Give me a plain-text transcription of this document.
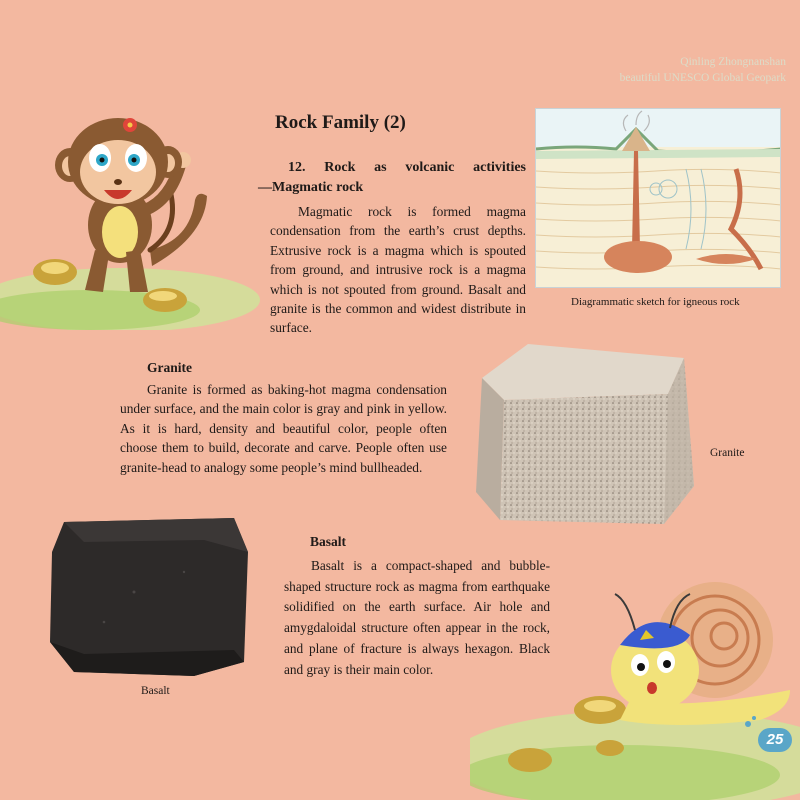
Qinling Zhongnanshan
beautiful UNESCO Global Geopark
Rock Family (2)
12. Rock as volcanic activities
—Magmatic rock
Magmatic rock is formed magma condensation from the earth’s crust depths. Extrusive rock is a magma which is spouted from ground, and intrusive rock is a magma which is not spouted from ground. Basalt and granite is the common and widest distribute in surface.
Diagrammatic sketch for igneous rock
Granite
Granite is formed as baking-hot magma condensation under surface, and the main color is gray and pink in yellow. As it is hard, density and beautiful color, people often choose them to build, decorate and carve. People often use granite-head to analogy some people’s mind bullheaded.
Granite
Basalt
Basalt
Basalt is a compact-shaped and bubble-shaped structure rock as magma from earthquake solidified on the earth surface. Air hole and amygdaloidal structure often appear in the rock, and plane of fracture is always hexagon. Black and gray is their main color.
25
